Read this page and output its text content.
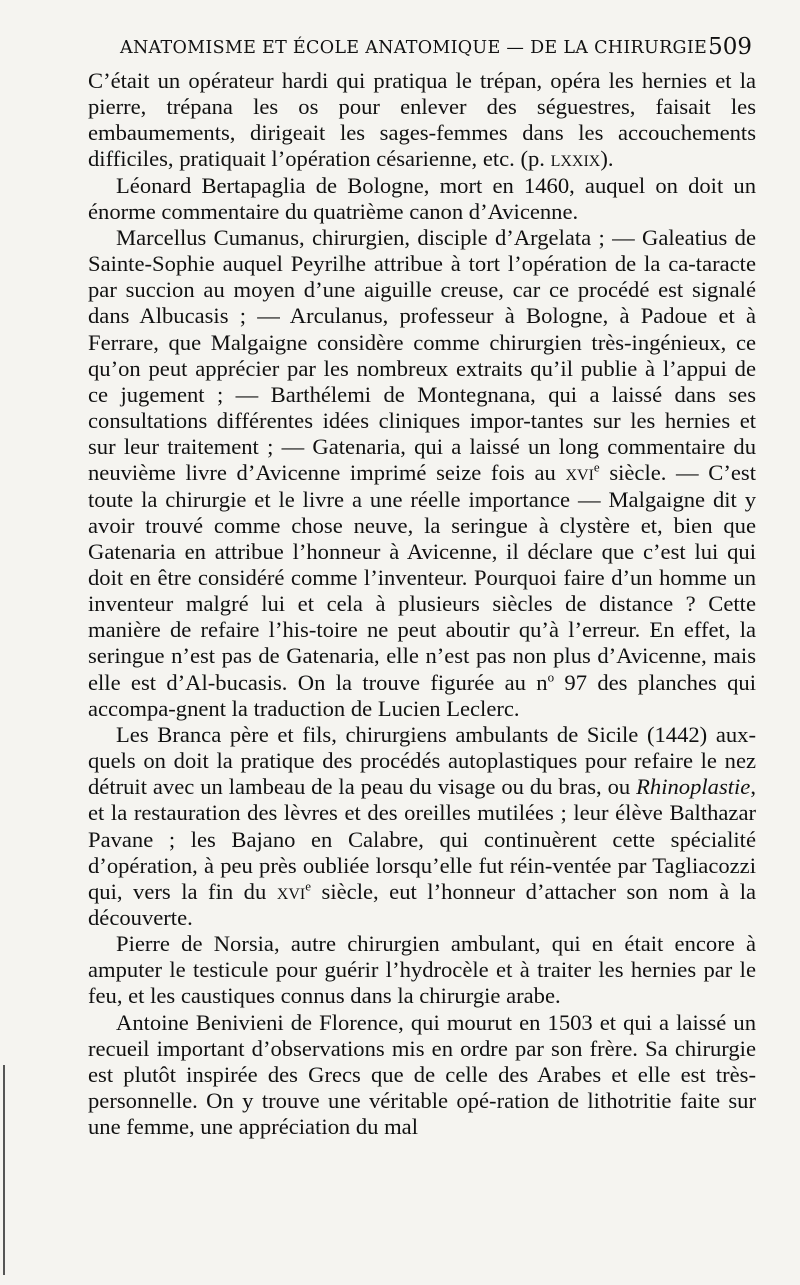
ANATOMISME ET ÉCOLE ANATOMIQUE — DE LA CHIRURGIE 509

C’était un opérateur hardi qui pratiqua le trépan, opéra les hernies et la pierre, trépana les os pour enlever des séguestres, faisait les embaumements, dirigeait les sages-femmes dans les accouchements difficiles, pratiquait l’opération césarienne, etc. (p. lxxix).

Léonard Bertapaglia de Bologne, mort en 1460, auquel on doit un énorme commentaire du quatrième canon d’Avicenne.

Marcellus Cumanus, chirurgien, disciple d’Argelata ; — Galeatius de Sainte-Sophie auquel Peyrilhe attribue à tort l’opération de la ca-taracte par succion au moyen d’une aiguille creuse, car ce procédé est signalé dans Albucasis ; — Arculanus, professeur à Bologne, à Padoue et à Ferrare, que Malgaigne considère comme chirurgien très-ingénieux, ce qu’on peut apprécier par les nombreux extraits qu’il publie à l’appui de ce jugement ; — Barthélemi de Montegnana, qui a laissé dans ses consultations différentes idées cliniques impor-tantes sur les hernies et sur leur traitement ; — Gatenaria, qui a laissé un long commentaire du neuvième livre d’Avicenne imprimé seize fois au xvi$^e$ siècle. — C’est toute la chirurgie et le livre a une réelle importance — Malgaigne dit y avoir trouvé comme chose neuve, la seringue à clystère et, bien que Gatenaria en attribue l’honneur à Avicenne, il déclare que c’est lui qui doit en être considéré comme l’inventeur. Pourquoi faire d’un homme un inventeur malgré lui et cela à plusieurs siècles de distance ? Cette manière de refaire l’his-toire ne peut aboutir qu’à l’erreur. En effet, la seringue n’est pas de Gatenaria, elle n’est pas non plus d’Avicenne, mais elle est d’Al-bucasis. On la trouve figurée au $n^o$ 97 des planches qui accompa-gnent la traduction de Lucien Leclerc.

Les Branca père et fils, chirurgiens ambulants de Sicile (1442) aux-quels on doit la pratique des procédés autoplastiques pour refaire le nez détruit avec un lambeau de la peau du visage ou du bras, ou Rhinoplastie, et la restauration des lèvres et des oreilles mutilées ; leur élève Balthazar Pavane ; les Bajano en Calabre, qui continuèrent cette spécialité d’opération, à peu près oubliée lorsqu’elle fut réin-ventée par Tagliacozzi qui, vers la fin du xvi$^e$ siècle, eut l’honneur d’attacher son nom à la découverte.

Pierre de Norsia, autre chirurgien ambulant, qui en était encore à amputer le testicule pour guérir l’hydrocèle et à traiter les hernies par le feu, et les caustiques connus dans la chirurgie arabe.

Antoine Benivieni de Florence, qui mourut en 1503 et qui a laissé un recueil important d’observations mis en ordre par son frère. Sa chirurgie est plutôt inspirée des Grecs que de celle des Arabes et elle est très-personnelle. On y trouve une véritable opé-ration de lithotritie faite sur une femme, une appréciation du mal
